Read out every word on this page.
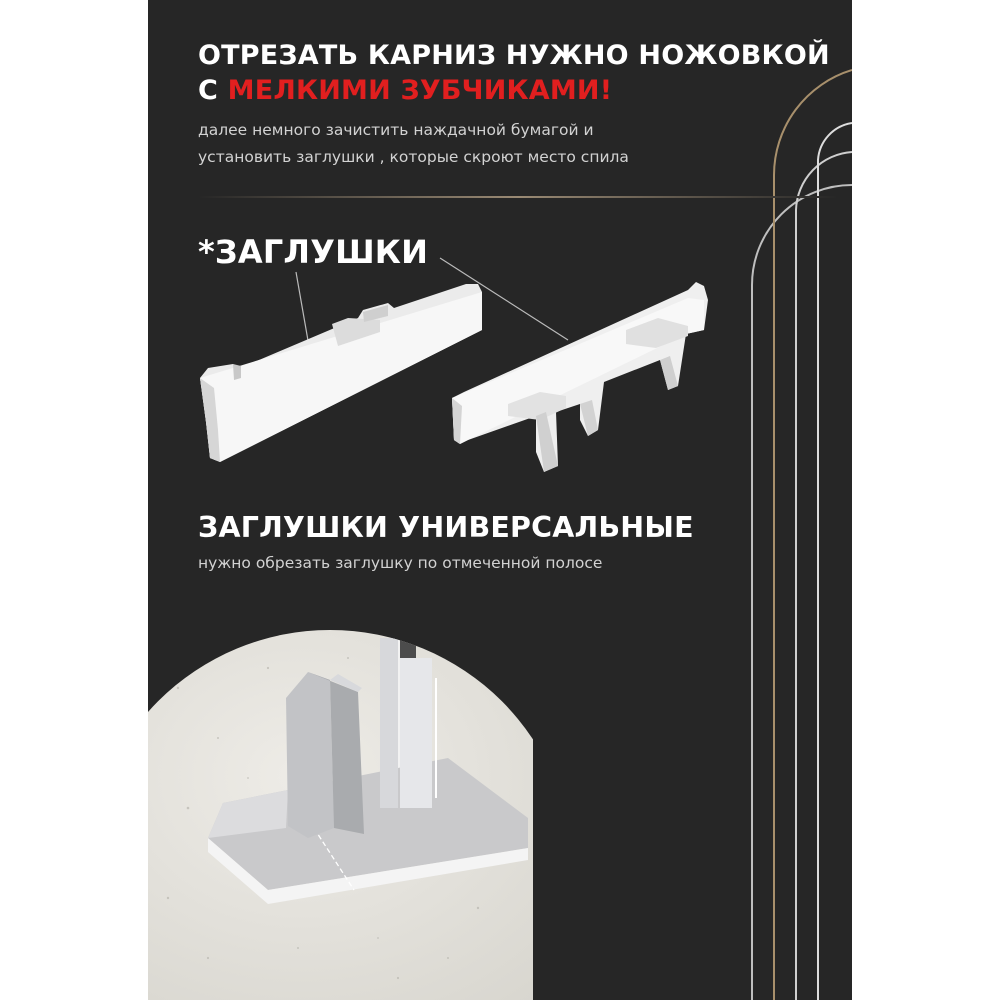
ОТРЕЗАТЬ КАРНИЗ НУЖНО НОЖОВКОЙ
С МЕЛКИМИ ЗУБЧИКАМИ!
далее немного зачистить наждачной бумагой и
установить заглушки , которые скроют место спила
*ЗАГЛУШКИ
ЗАГЛУШКИ УНИВЕРСАЛЬНЫЕ
нужно обрезать заглушку по отмеченной полосе
